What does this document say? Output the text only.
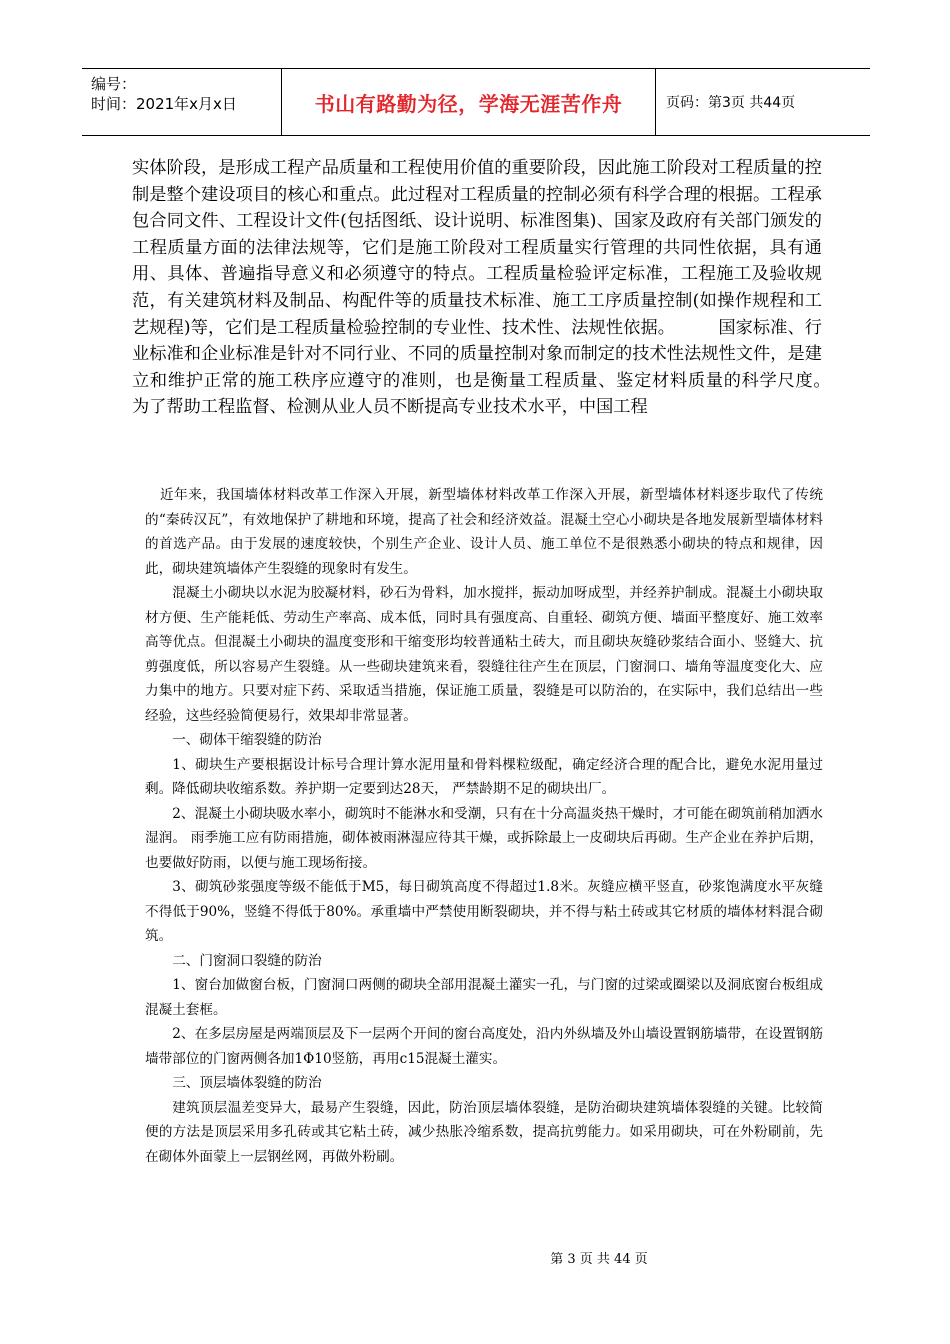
编号：
时间：2021年x月x日	书山有路勤为径，学海无涯苦作舟	页码：第3页 共44页

实体阶段，是形成工程产品质量和工程使用价值的重要阶段，因此施工阶段对工程质量的控制是整个建设项目的核心和重点。此过程对工程质量的控制必须有科学合理的根据。工程承包合同文件、工程设计文件(包括图纸、设计说明、标准图集)、国家及政府有关部门颁发的工程质量方面的法律法规等，它们是施工阶段对工程质量实行管理的共同性依据，具有通用、具体、普遍指导意义和必须遵守的特点。工程质量检验评定标准，工程施工及验收规范，有关建筑材料及制品、构配件等的质量技术标准、施工工序质量控制(如操作规程和工艺规程)等，它们是工程质量检验控制的专业性、技术性、法规性依据。　　　国家标准、行业标准和企业标准是针对不同行业、不同的质量控制对象而制定的技术性法规性文件，是建立和维护正常的施工秩序应遵守的准则，也是衡量工程质量、鉴定材料质量的科学尺度。　　　为了帮助工程监督、检测从业人员不断提高专业技术水平，中国工程

近年来，我国墙体材料改革工作深入开展，新型墙体材料改革工作深入开展，新型墙体材料逐步取代了传统的“秦砖汉瓦”，有效地保护了耕地和环境，提高了社会和经济效益。混凝土空心小砌块是各地发展新型墙体材料的首选产品。由于发展的速度较快，个别生产企业、设计人员、施工单位不是很熟悉小砌块的特点和规律，因此，砌块建筑墙体产生裂缝的现象时有发生。

混凝土小砌块以水泥为胶凝材料，砂石为骨料，加水搅拌，振动加呀成型，并经养护制成。混凝土小砌块取材方便、生产能耗低、劳动生产率高、成本低，同时具有强度高、自重轻、砌筑方便、墙面平整度好、施工效率高等优点。但混凝土小砌块的温度变形和干缩变形均较普通粘土砖大，而且砌块灰缝砂浆结合面小、竖缝大、抗剪强度低，所以容易产生裂缝。从一些砌块建筑来看，裂缝往往产生在顶层，门窗洞口、墙角等温度变化大、应力集中的地方。只要对症下药、采取适当措施，保证施工质量，裂缝是可以防治的，在实际中，我们总结出一些经验，这些经验简便易行，效果却非常显著。

一、砌体干缩裂缝的防治

1、砌块生产要根据设计标号合理计算水泥用量和骨料棵粒级配，确定经济合理的配合比，避免水泥用量过剩。降低砌块收缩系数。养护期一定要到达28天， 严禁龄期不足的砌块出厂。

2、混凝土小砌块吸水率小，砌筑时不能淋水和受潮，只有在十分高温炎热干燥时，才可能在砌筑前稍加洒水湿润。 雨季施工应有防雨措施，砌体被雨淋湿应待其干燥，或拆除最上一皮砌块后再砌。生产企业在养护后期，也要做好防雨，以便与施工现场衔接。

3、砌筑砂浆强度等级不能低于M5，每日砌筑高度不得超过1.8米。灰缝应横平竖直，砂浆饱满度水平灰缝不得低于90%，竖缝不得低于80%。承重墙中严禁使用断裂砌块，并不得与粘土砖或其它材质的墙体材料混合砌筑。

二、门窗洞口裂缝的防治

1、窗台加做窗台板，门窗洞口两侧的砌块全部用混凝土灌实一孔，与门窗的过梁或圈梁以及洞底窗台板组成混凝土套框。

2、在多层房屋是两端顶层及下一层两个开间的窗台高度处，沿内外纵墙及外山墙设置钢筋墙带，在设置钢筋墙带部位的门窗两侧各加1Φ10竖筋，再用c15混凝土灌实。

三、顶层墙体裂缝的防治

建筑顶层温差变异大，最易产生裂缝，因此，防治顶层墙体裂缝，是防治砌块建筑墙体裂缝的关键。比较简便的方法是顶层采用多孔砖或其它粘土砖，减少热胀冷缩系数，提高抗剪能力。如采用砌块，可在外粉刷前，先在砌体外面蒙上一层钢丝网，再做外粉刷。

第 3 页 共 44 页
